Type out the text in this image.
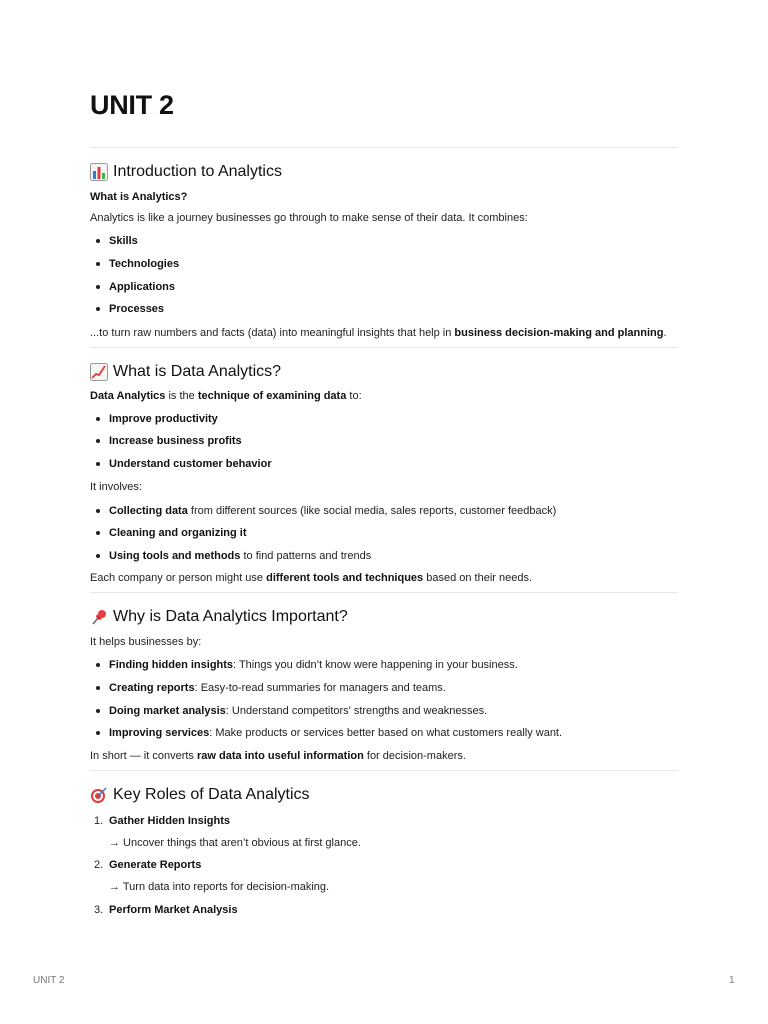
UNIT 2
Introduction to Analytics
What is Analytics?
Analytics is like a journey businesses go through to make sense of their data. It combines:
Skills
Technologies
Applications
Processes
...to turn raw numbers and facts (data) into meaningful insights that help in business decision-making and planning.
What is Data Analytics?
Data Analytics is the technique of examining data to:
Improve productivity
Increase business profits
Understand customer behavior
It involves:
Collecting data from different sources (like social media, sales reports, customer feedback)
Cleaning and organizing it
Using tools and methods to find patterns and trends
Each company or person might use different tools and techniques based on their needs.
Why is Data Analytics Important?
It helps businesses by:
Finding hidden insights: Things you didn’t know were happening in your business.
Creating reports: Easy-to-read summaries for managers and teams.
Doing market analysis: Understand competitors' strengths and weaknesses.
Improving services: Make products or services better based on what customers really want.
In short — it converts raw data into useful information for decision-makers.
Key Roles of Data Analytics
1. Gather Hidden Insights
→ Uncover things that aren’t obvious at first glance.
2. Generate Reports
→ Turn data into reports for decision-making.
3. Perform Market Analysis
UNIT 2	1
